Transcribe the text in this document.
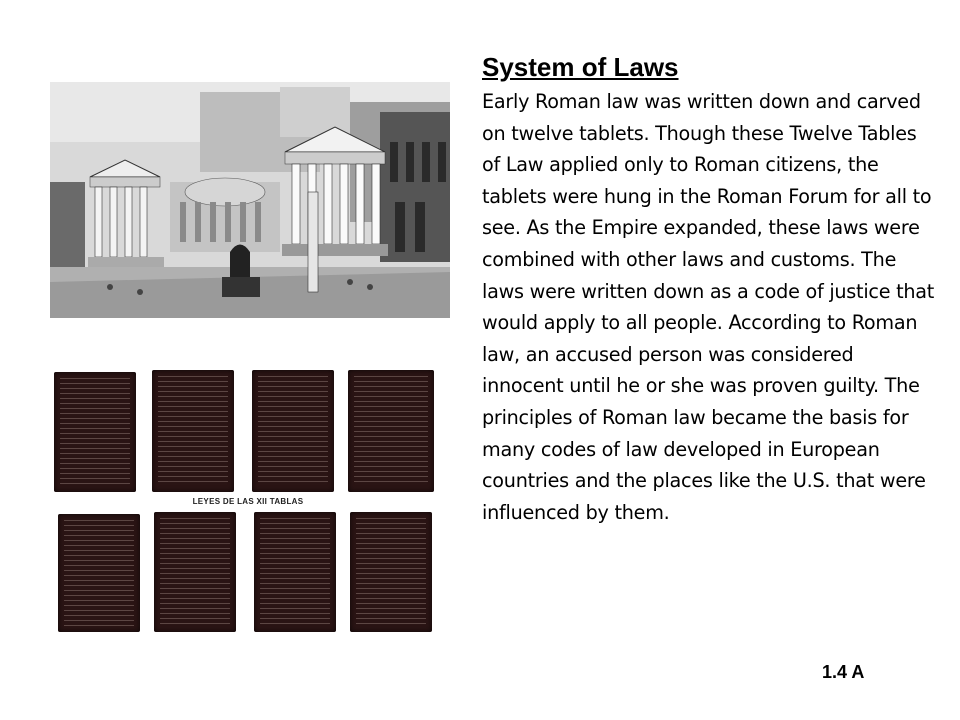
LEYES DE LAS XII TABLAS
System of Laws

Early Roman law was written down and carved on twelve tablets. Though these Twelve Tables of Law applied only to Roman citizens, the tablets were hung in the Roman Forum for all to see. As the Empire expanded, these laws were combined with other laws and customs. The laws were written down as a code of justice that would apply to all people. According to Roman law, an accused person was considered innocent until he or she was proven guilty. The principles of Roman law became the basis for many codes of law developed in European countries and the places like the U.S. that were influenced by them.

1.4 A
